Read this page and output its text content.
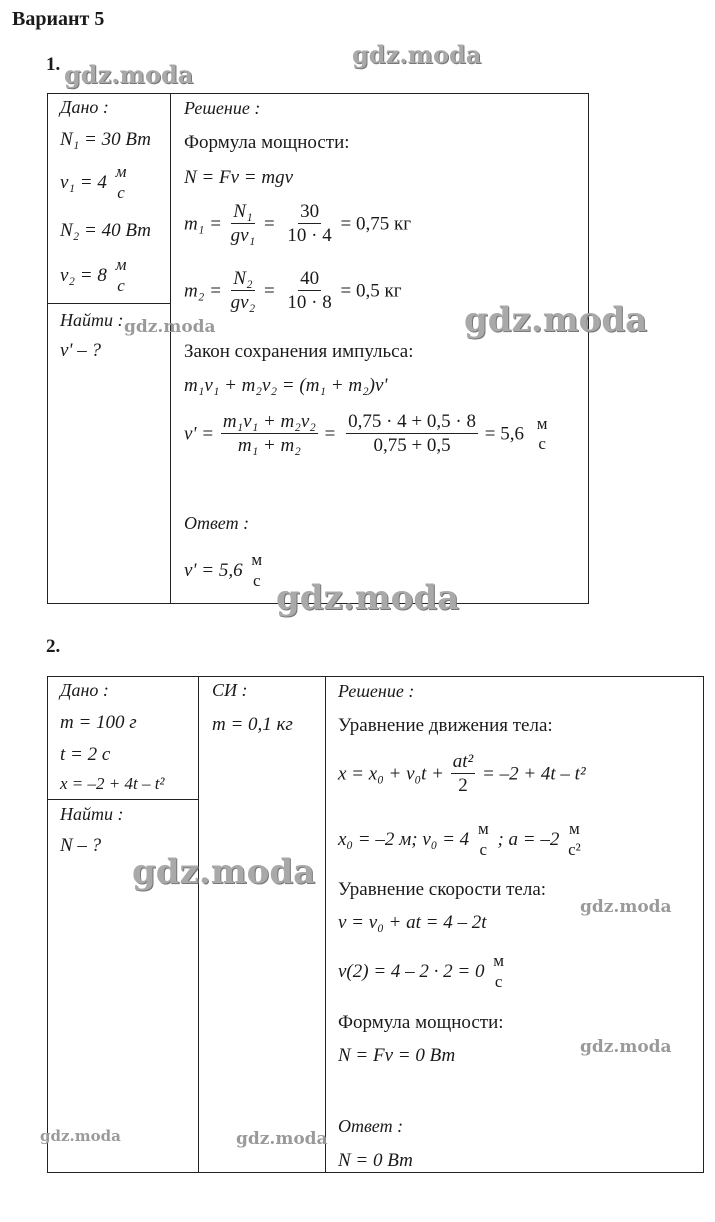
Вариант 5
1.
Дано :
N₁ = 30 Вт
v₁ = 4
м
с
N₂ = 40 Вт
v₂ = 8
м
с
Найти :
v' – ?
Решение :
Формула мощности:
N = Fv = mgv
$m_1 = \frac{\text{N₁}}{\text{gv₁}} = \frac{30}{10 \cdot 4} = 0,75$ кг
$m_2 = \frac{\text{N₂}}{\text{gv₂}} = \frac{40}{10 \cdot 8} = 0,5$ кг
Закон сохранения импульса:
m₁v₁ + m₂v₂ = (m₁ + m₂)v'
$v' = \frac{\text{m₁v₁ + m₂v₂}}{\text{m₁ + m₂}} = \frac{0,75 \cdot 4 + 0,5 \cdot 8}{0,75 + 0,5} = 5,6$
м
с
Ответ :
v' = 5,6
м
с
2.
Дано :
m = 100 г
t = 2 с
x = –2 + 4t – t²
Найти :
N – ?
СИ :
m = 0,1 кг
Решение :
Уравнение движения тела:
$x = x_0 + v_0t + \frac{\text{at²}}{2} = -2 + 4t - t^2$
x₀ = –2 м; v₀ = 4
м
с ; a = –2
м
с²
Уравнение скорости тела:
v = v₀ + at = 4 – 2t
v(2) = 4 – 2 · 2 = 0
м
с
Формула мощности:
N = Fv = 0 Вт
Ответ :
N = 0 Вт
gdz.moda
gdz.moda
gdz.moda	gdz.moda
gdz.moda
gdz.moda
gdz.moda
gdz.moda
gdz.moda	gdz.moda
